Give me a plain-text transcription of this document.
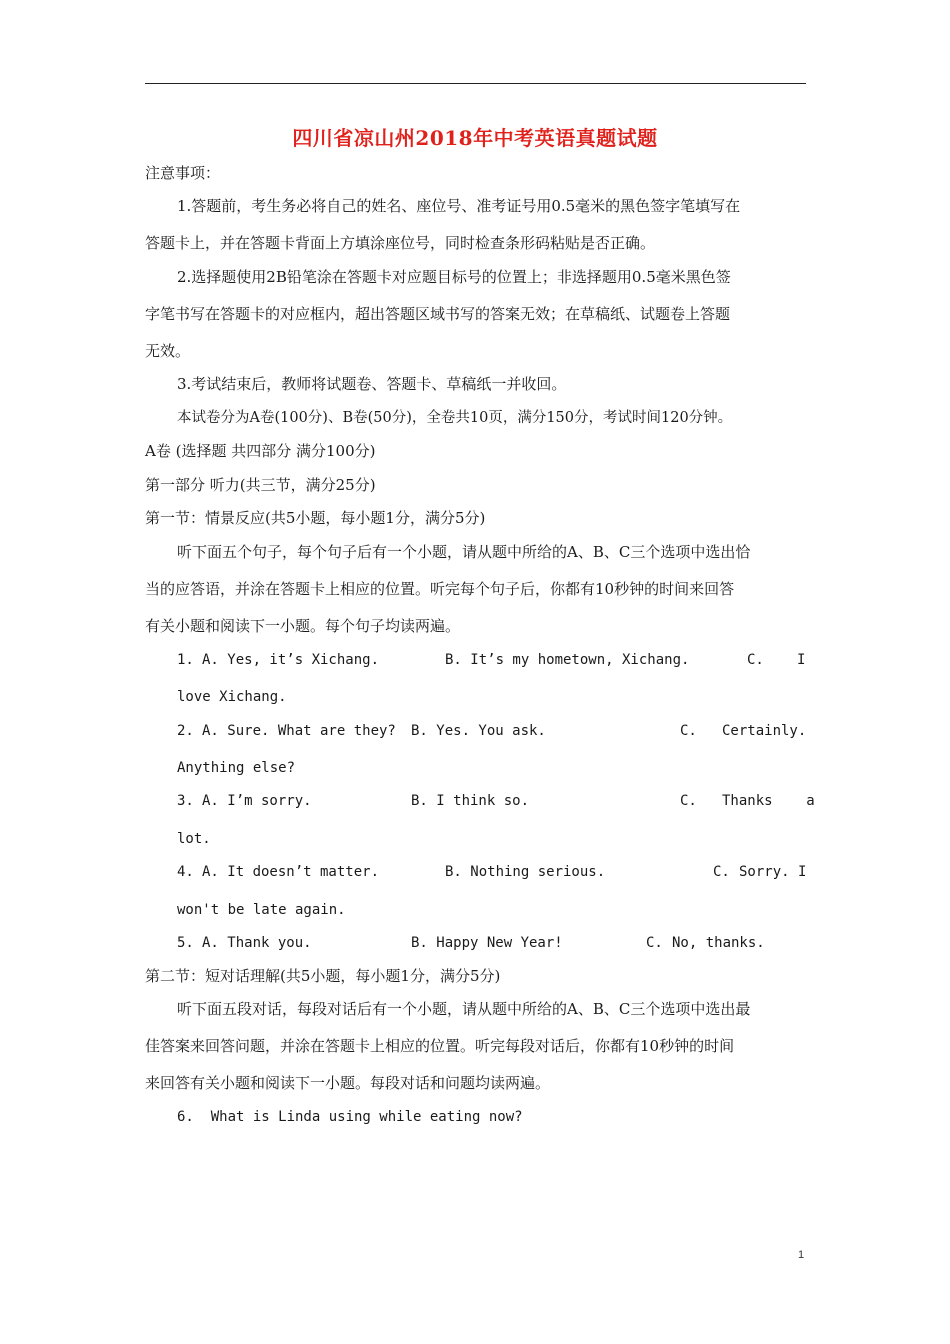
四川省凉山州2018年中考英语真题试题
注意事项：
1.答题前，考生务必将自己的姓名、座位号、准考证号用0.5毫米的黑色签字笔填写在
答题卡上，并在答题卡背面上方填涂座位号，同时检查条形码粘贴是否正确。
2.选择题使用2B铅笔涂在答题卡对应题目标号的位置上；非选择题用0.5毫米黑色签
字笔书写在答题卡的对应框内，超出答题区域书写的答案无效；在草稿纸、试题卷上答题
无效。
3.考试结束后，教师将试题卷、答题卡、草稿纸一并收回。
本试卷分为A卷(100分)、B卷(50分)，全卷共10页，满分150分，考试时间120分钟。
A卷 (选择题 共四部分 满分100分)
第一部分 听力(共三节，满分25分)
第一节：情景反应(共5小题，每小题1分，满分5分)
听下面五个句子，每个句子后有一个小题，请从题中所给的A、B、C三个选项中选出恰
当的应答语，并涂在答题卡上相应的位置。听完每个句子后，你都有10秒钟的时间来回答
有关小题和阅读下一小题。每个句子均读两遍。
1. A. Yes, it’s Xichang.	B. It’s my hometown, Xichang.	C. I
love Xichang.
2. A. Sure. What are they? B. Yes. You ask.	C. Certainly.
Anything else?
3. A. I’m sorry.	B. I think so.	C. Thanks    a
lot.
4. A. It doesn’t matter.	B. Nothing serious.	C. Sorry. I
won't be late again.
5. A. Thank you.	B. Happy New Year!	C. No, thanks.
第二节：短对话理解(共5小题，每小题1分，满分5分)
听下面五段对话，每段对话后有一个小题，请从题中所给的A、B、C三个选项中选出最
佳答案来回答问题，并涂在答题卡上相应的位置。听完每段对话后，你都有10秒钟的时间
来回答有关小题和阅读下一小题。每段对话和问题均读两遍。
6.  What is Linda using while eating now?
1
